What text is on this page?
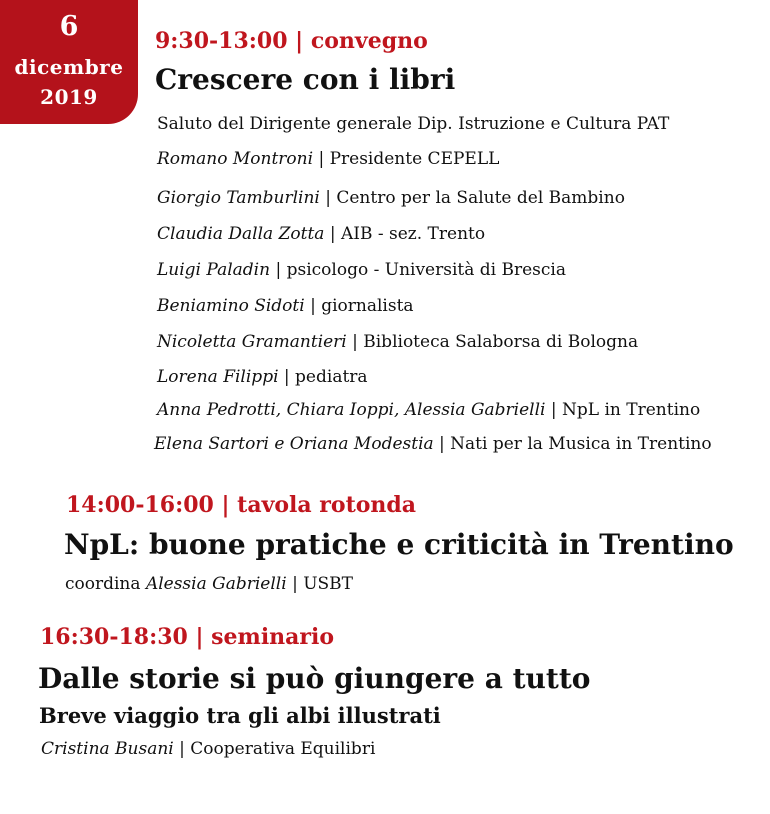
6
dicembre
2019
9:30-13:00 | convegno
Crescere con i libri
Saluto del Dirigente generale Dip. Istruzione e Cultura PAT
Romano Montroni | Presidente CEPELL
Giorgio Tamburlini | Centro per la Salute del Bambino
Claudia Dalla Zotta | AIB - sez. Trento
Luigi Paladin | psicologo - Università di Brescia
Beniamino Sidoti | giornalista
Nicoletta Gramantieri | Biblioteca Salaborsa di Bologna
Lorena Filippi | pediatra
Anna Pedrotti, Chiara Ioppi, Alessia Gabrielli | NpL in Trentino
Elena Sartori e Oriana Modestia | Nati per la Musica in Trentino
14:00-16:00 | tavola rotonda
NpL: buone pratiche e criticità in Trentino
coordina Alessia Gabrielli | USBT
16:30-18:30 | seminario
Dalle storie si può giungere a tutto
Breve viaggio tra gli albi illustrati
Cristina Busani | Cooperativa Equilibri
